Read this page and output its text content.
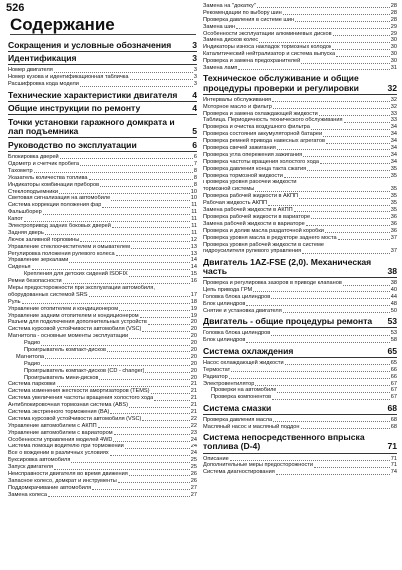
526
Содержание
Сокращения и условные обозначения	3
Идентификация	3
Номер двигателя	3
Номер кузова и идентификационная табличка	3
Расшифровка кода модели	3
Технические характеристики двигателя	4
Общие инструкции по ремонту	4
Точки установки гаражного домкрата и лап подъемника	5
Руководство по эксплуатации	6
Блокировка дверей	6
Одометр и счетчик пробега	7
Тахометр	8
Указатель количества топлива	8
Индикаторы комбинации приборов	8
Стеклоподъемники	10
Световая сигнализация на автомобиле	10
Система коррекции положения фар	11
Фальшборер	11
Капот	11
Электропривод задних боковых дверей	11
Задняя дверь	11
Лючок заливной горловины	12
Управление стеклоочистителем и омывателем	13
Регулировка положения рулевого колеса	13
Управление зеркалами	14
Сиденья	14
Крепления для детских сидений ISOFIX	15
Ремни безопасности	16
Меры предосторожности при эксплуатации автомобиля,
оборудованных системой SRS	17
Руль	18
Управление отопителем и кондиционером	19
Управление задним отопителем и кондиционером	19
Разъем для подключения дополнительных устройств	20
Система курсовой устойчивости автомобиля (VSC)	20
Магнитола - основные моменты эксплуатации	20
Радио	20
Проигрыватель компакт-дисков	20
Магнитола	20
Радио	20
Проигрыватель компакт-дисков (CD - changer)	20
Проигрыватель мини-дисков	20
Система парковки	21
Система изменения жесткости амортизаторов (TEMS)	21
Система увеличения частоты вращения холостого хода	21
Антиблокировочная тормозная система (ABS)	21
Система экстренного торможения (BA)	21
Система курсовой устойчивости автомобиля (VSC)	22
Управление автомобилем с АКПП	22
Управление автомобилем с вариатором	23
Особенности управления моделей 4WD	24
Система помощи водителю при торможении	24
Все о вождении в различных условиях	24
Буксировка автомобиля	25
Запуск двигателя	25
Неисправности двигателя во время движения	26
Запасное колесо, домкрат и инструменты	26
Поддомкрачивание автомобиля	27
Замена колеса	27
Замена на "докатку"	28
Рекомендации по выбору шин	28
Проверка давления в системе шин	28
Замена шин	29
Особенности эксплуатации алюминиевых дисков	29
Замена дисков колес	30
Индикаторы износа накладок тормозных колодок	30
Каталитический нейтрализатор и система выпуска	30
Проверка и замена предохранителей	30
Замена ламп	31
Техническое обслуживание и общие процедуры проверки и регулировки	32
Интервалы обслуживания	32
Моторное масло и фильтр	32
Проверка и замена охлаждающей жидкости	33
Таблица. Периодичность технического обслуживания	33
Проверка и очистка воздушного фильтра	34
Проверка состояния аккумуляторной батареи	34
Проверка ремней привода навесных агрегатов	34
Проверка свечей зажигания	34
Проверка угла опережения зажигания	34
Проверка частоты вращения холостого хода	34
Проверка давления конца такта сжатия	35
Проверка тормозной жидкости	35
Проверка уровня рабочей жидкости
тормозной системы	35
Проверка рабочей жидкости в АКПП	35
Рабочая жидкость АКПП	35
Замена рабочей жидкости в АКПП	35
Проверка рабочей жидкости в вариаторе	36
Замена рабочей жидкости в вариаторе	36
Проверка и долив масла раздаточной коробки	36
Проверка уровня масла в редукторе заднего моста	37
Проверка уровня рабочей жидкости в системе
гидроусилителя рулевого управления	37
Двигатель 1AZ-FSE (2,0). Механическая часть	38
Проверка и регулировка зазоров в приводе клапанов	38
Цепь привода ГРМ	40
Головка блока цилиндров	44
Блок цилиндров	48
Снятие и установка двигателя	50
Двигатель - общие процедуры ремонта	53
Головка блока цилиндров	53
Блок цилиндров	58
Система охлаждения	65
Насос охлаждающей жидкости	65
Термостат	66
Радиатор	66
Электровентилятор	67
Проверки на автомобиле	67
Проверка компонентов	67
Система смазки	68
Проверка давления масла	68
Масляный насос и масляный поддон	68
Система непосредственного впрыска топлива (D-4)	71
Описание	71
Дополнительные меры предосторожности	71
Система диагностирования	74
